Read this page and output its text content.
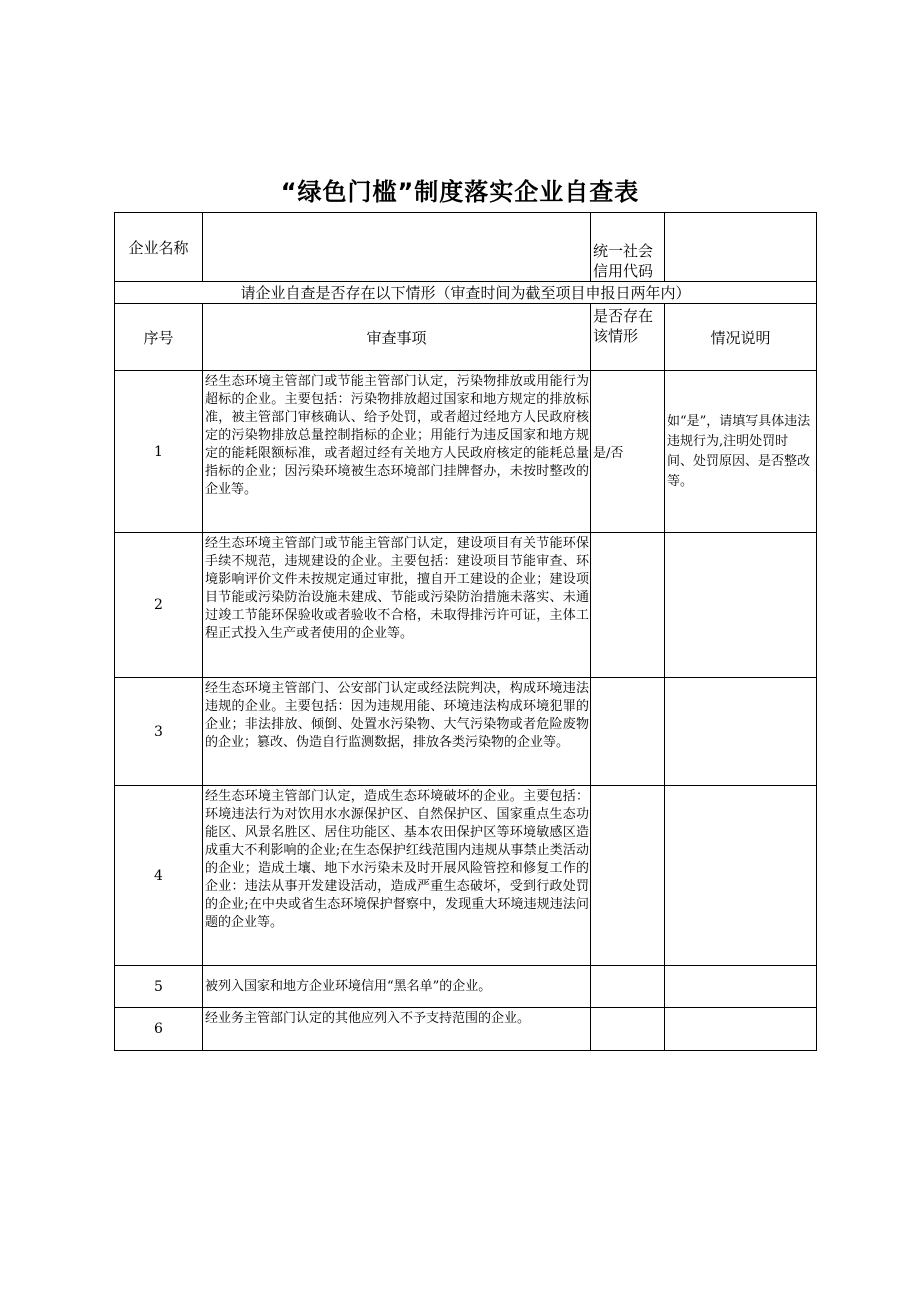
“绿色门槛”制度落实企业自查表
企业名称		统一社会信用代码	
请企业自查是否存在以下情形（审查时间为截至项目申报日两年内）			
序号	审查事项	是否存在该情形	情况说明
1	经生态环境主管部门或节能主管部门认定，污染物排放或用能行为超标的企业。主要包括：污染物排放超过国家和地方规定的排放标准，被主管部门审核确认、给予处罚，或者超过经地方人民政府核定的污染物排放总量控制指标的企业；用能行为违反国家和地方规定的能耗限额标准，或者超过经有关地方人民政府核定的能耗总量指标的企业；因污染环境被生态环境部门挂牌督办，未按时整改的企业等。	是/否	如“是”，请填写具体违法违规行为,注明处罚时间、处罚原因、是否整改等。
2	经生态环境主管部门或节能主管部门认定，建设项目有关节能环保手续不规范，违规建设的企业。主要包括：建设项目节能审查、环境影响评价文件未按规定通过审批，擅自开工建设的企业；建设项目节能或污染防治设施未建成、节能或污染防治措施未落实、未通过竣工节能环保验收或者验收不合格，未取得排污许可证，主体工程正式投入生产或者使用的企业等。		
3	经生态环境主管部门、公安部门认定或经法院判决，构成环境违法违规的企业。主要包括：因为违规用能、环境违法构成环境犯罪的企业；非法排放、倾倒、处置水污染物、大气污染物或者危险废物的企业；篡改、伪造自行监测数据，排放各类污染物的企业等。		
4	经生态环境主管部门认定，造成生态环境破坏的企业。主要包括：环境违法行为对饮用水水源保护区、自然保护区、国家重点生态功能区、风景名胜区、居住功能区、基本农田保护区等环境敏感区造成重大不利影响的企业;在生态保护红线范围内违规从事禁止类活动的企业；造成土壤、地下水污染未及时开展风险管控和修复工作的企业：违法从事开发建设活动，造成严重生态破坏，受到行政处罚的企业;在中央或省生态环境保护督察中，发现重大环境违规违法问题的企业等。		
5	被列入国家和地方企业环境信用“黑名单”的企业。		
6	经业务主管部门认定的其他应列入不予支持范围的企业。		
